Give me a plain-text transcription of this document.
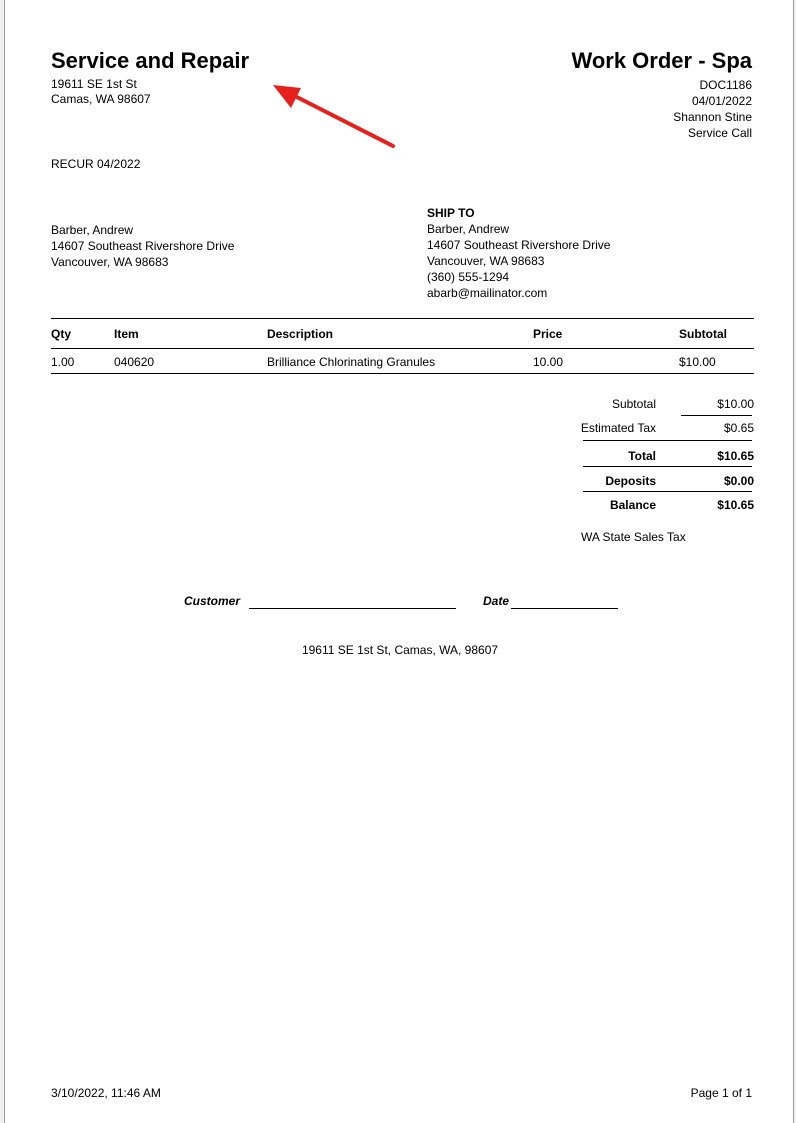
Service and Repair
19611 SE 1st St
Camas, WA 98607
Work Order - Spa
DOC1186
04/01/2022
Shannon Stine
Service Call
RECUR 04/2022
Barber, Andrew
14607 Southeast Rivershore Drive
Vancouver, WA 98683
SHIP TO
Barber, Andrew
14607 Southeast Rivershore Drive
Vancouver, WA 98683
(360) 555-1294
abarb@mailinator.com
Qty	Item	Description	Price	Subtotal
1.00	040620	Brilliance Chlorinating Granules	10.00	$10.00
Subtotal	$10.00
Estimated Tax	$0.65
Total	$10.65
Deposits	$0.00
Balance	$10.65
WA State Sales Tax
Customer	Date
19611 SE 1st St, Camas, WA, 98607
3/10/2022, 11:46 AM	Page 1 of 1
